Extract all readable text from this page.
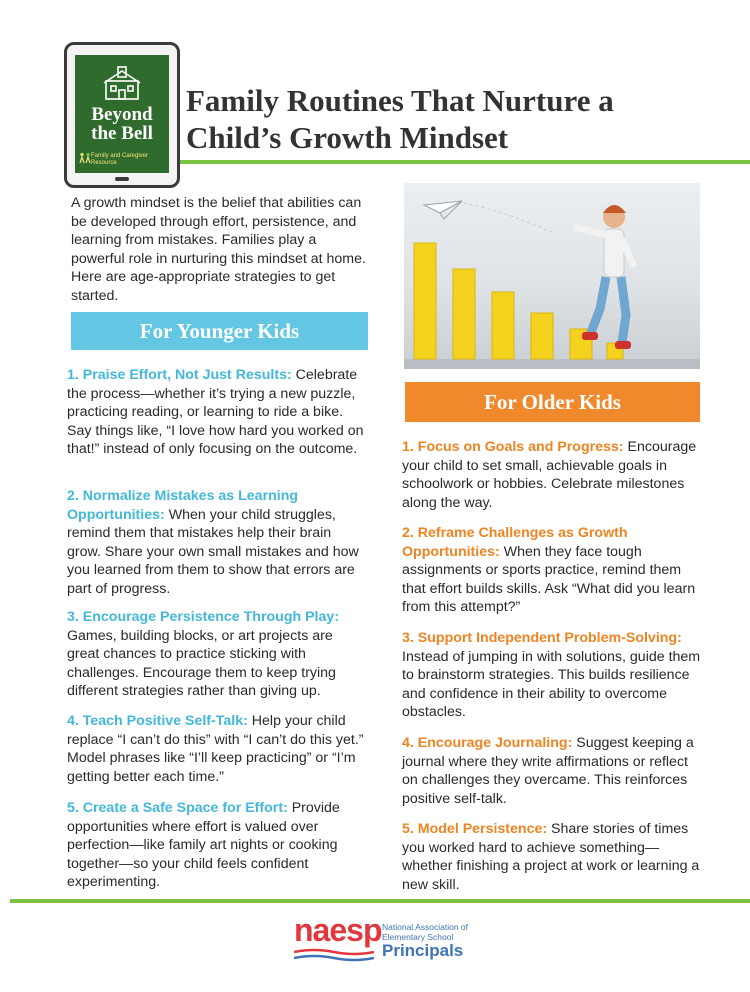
Beyond
the Bell
Family and Caregiver Resource
Family Routines That Nurture a
Child’s Growth Mindset
A growth mindset is the belief that abilities can be developed through effort, persistence, and learning from mistakes. Families play a powerful role in nurturing this mindset at home. Here are age-appropriate strategies to get started.
For Younger Kids
1. Praise Effort, Not Just Results: Celebrate the process—whether it’s trying a new puzzle, practicing reading, or learning to ride a bike. Say things like, “I love how hard you worked on that!” instead of only focusing on the outcome.
2. Normalize Mistakes as Learning Opportunities: When your child struggles, remind them that mistakes help their brain grow. Share your own small mistakes and how you learned from them to show that errors are part of progress.
3. Encourage Persistence Through Play: Games, building blocks, or art projects are great chances to practice sticking with challenges. Encourage them to keep trying different strategies rather than giving up.
4. Teach Positive Self-Talk: Help your child replace “I can’t do this” with “I can’t do this yet.” Model phrases like “I’ll keep practicing” or “I’m getting better each time.”
5. Create a Safe Space for Effort: Provide opportunities where effort is valued over perfection—like family art nights or cooking together—so your child feels confident experimenting.
For Older Kids
1. Focus on Goals and Progress: Encourage your child to set small, achievable goals in schoolwork or hobbies. Celebrate milestones along the way.
2. Reframe Challenges as Growth Opportunities: When they face tough assignments or sports practice, remind them that effort builds skills. Ask “What did you learn from this attempt?”
3. Support Independent Problem-Solving: Instead of jumping in with solutions, guide them to brainstorm strategies. This builds resilience and confidence in their ability to overcome obstacles.
4. Encourage Journaling: Suggest keeping a journal where they write affirmations or reflect on challenges they overcame. This reinforces positive self-talk.
5. Model Persistence: Share stories of times you worked hard to achieve something—whether finishing a project at work or learning a new skill.
naesp National Association of
Elementary School
Principals
